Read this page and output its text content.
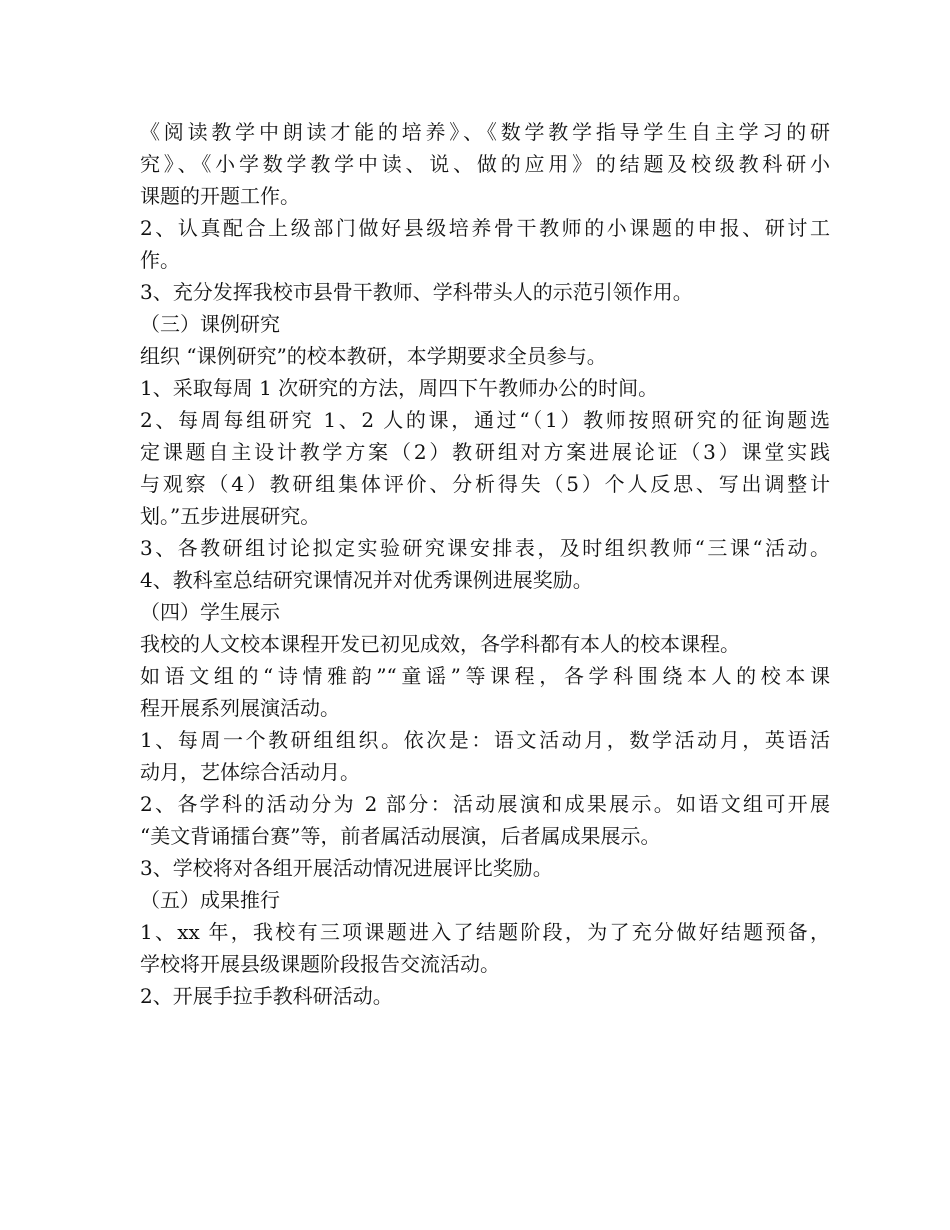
《阅读教学中朗读才能的培养》、《数学教学指导学生自主学习的研
究》、《小学数学教学中读、说、做的应用》的结题及校级教科研小
课题的开题工作。
2、认真配合上级部门做好县级培养骨干教师的小课题的申报、研讨工
作。
3、充分发挥我校市县骨干教师、学科带头人的示范引领作用。
（三）课例研究
组织 “课例研究”的校本教研，本学期要求全员参与。
1、采取每周 1 次研究的方法，周四下午教师办公的时间。
2、每周每组研究 1、2 人的课，通过“（1）教师按照研究的征询题选
定课题自主设计教学方案（2）教研组对方案进展论证（3）课堂实践
与观察（4）教研组集体评价、分析得失（5）个人反思、写出调整计
划。”五步进展研究。
3、各教研组讨论拟定实验研究课安排表，及时组织教师“三课“活动。
4、教科室总结研究课情况并对优秀课例进展奖励。
（四）学生展示
我校的人文校本课程开发已初见成效，各学科都有本人的校本课程。
如语文组的“诗情雅韵”“童谣”等课程，各学科围绕本人的校本课
程开展系列展演活动。
1、每周一个教研组组织。依次是：语文活动月，数学活动月，英语活
动月，艺体综合活动月。
2、各学科的活动分为 2 部分：活动展演和成果展示。如语文组可开展
“美文背诵擂台赛”等，前者属活动展演，后者属成果展示。
3、学校将对各组开展活动情况进展评比奖励。
（五）成果推行
1、xx 年，我校有三项课题进入了结题阶段，为了充分做好结题预备，
学校将开展县级课题阶段报告交流活动。
2、开展手拉手教科研活动。
